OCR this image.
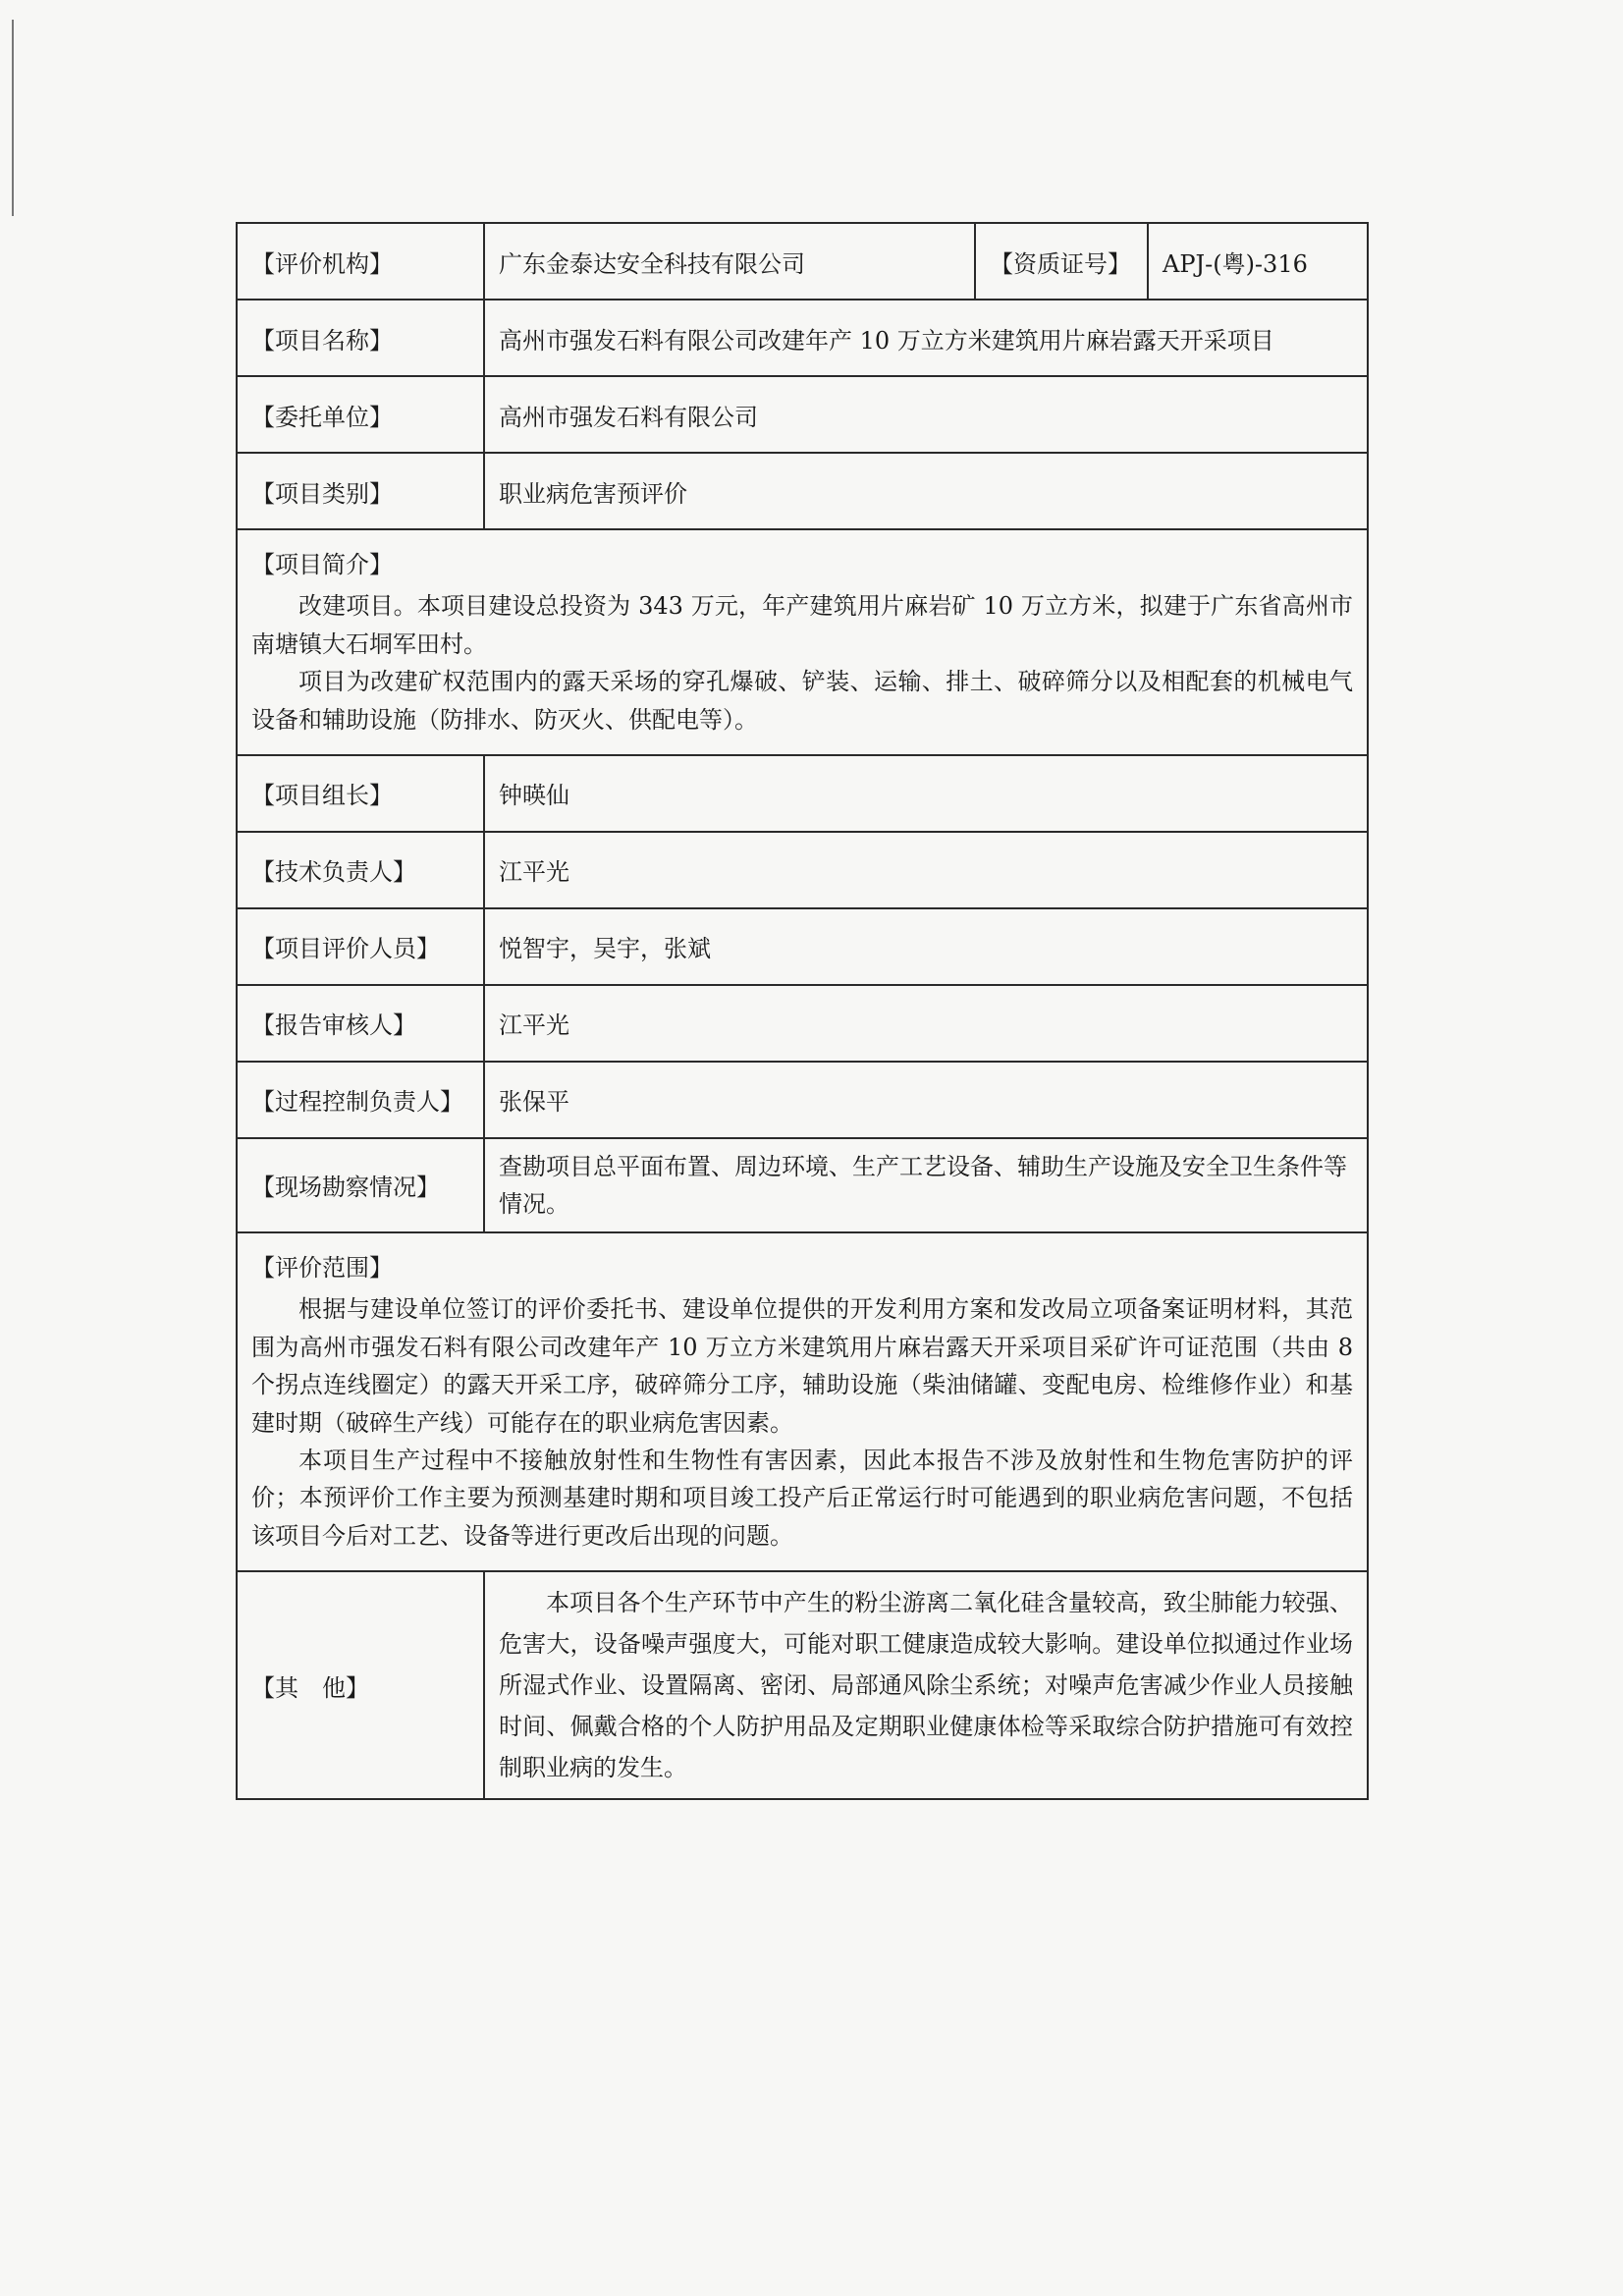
【评价机构】	广东金泰达安全科技有限公司	【资质证号】	APJ-(粤)-316
【项目名称】	高州市强发石料有限公司改建年产 10 万立方米建筑用片麻岩露天开采项目		
【委托单位】	高州市强发石料有限公司		
【项目类别】	职业病危害预评价		

【项目简介】

改建项目。本项目建设总投资为 343 万元，年产建筑用片麻岩矿 10 万立方米，拟建于广东省高州市南塘镇大石垌军田村。

项目为改建矿权范围内的露天采场的穿孔爆破、铲装、运输、排土、破碎筛分以及相配套的机械电气设备和辅助设施（防排水、防灭火、供配电等）。			

【项目组长】	钟暎仙		
【技术负责人】	江平光		
【项目评价人员】	悦智宇，吴宇，张斌		
【报告审核人】	江平光		
【过程控制负责人】	张保平		
【现场勘察情况】	查勘项目总平面布置、周边环境、生产工艺设备、辅助生产设施及安全卫生条件等情况。		

【评价范围】

根据与建设单位签订的评价委托书、建设单位提供的开发利用方案和发改局立项备案证明材料，其范围为高州市强发石料有限公司改建年产 10 万立方米建筑用片麻岩露天开采项目采矿许可证范围（共由 8 个拐点连线圈定）的露天开采工序，破碎筛分工序，辅助设施（柴油储罐、变配电房、检维修作业）和基建时期（破碎生产线）可能存在的职业病危害因素。

本项目生产过程中不接触放射性和生物性有害因素，因此本报告不涉及放射性和生物危害防护的评价；本预评价工作主要为预测基建时期和项目竣工投产后正常运行时可能遇到的职业病危害问题，不包括该项目今后对工艺、设备等进行更改后出现的问题。			

【其　他】	本项目各个生产环节中产生的粉尘游离二氧化硅含量较高，致尘肺能力较强、危害大，设备噪声强度大，可能对职工健康造成较大影响。建设单位拟通过作业场所湿式作业、设置隔离、密闭、局部通风除尘系统；对噪声危害减少作业人员接触时间、佩戴合格的个人防护用品及定期职业健康体检等采取综合防护措施可有效控制职业病的发生。		
